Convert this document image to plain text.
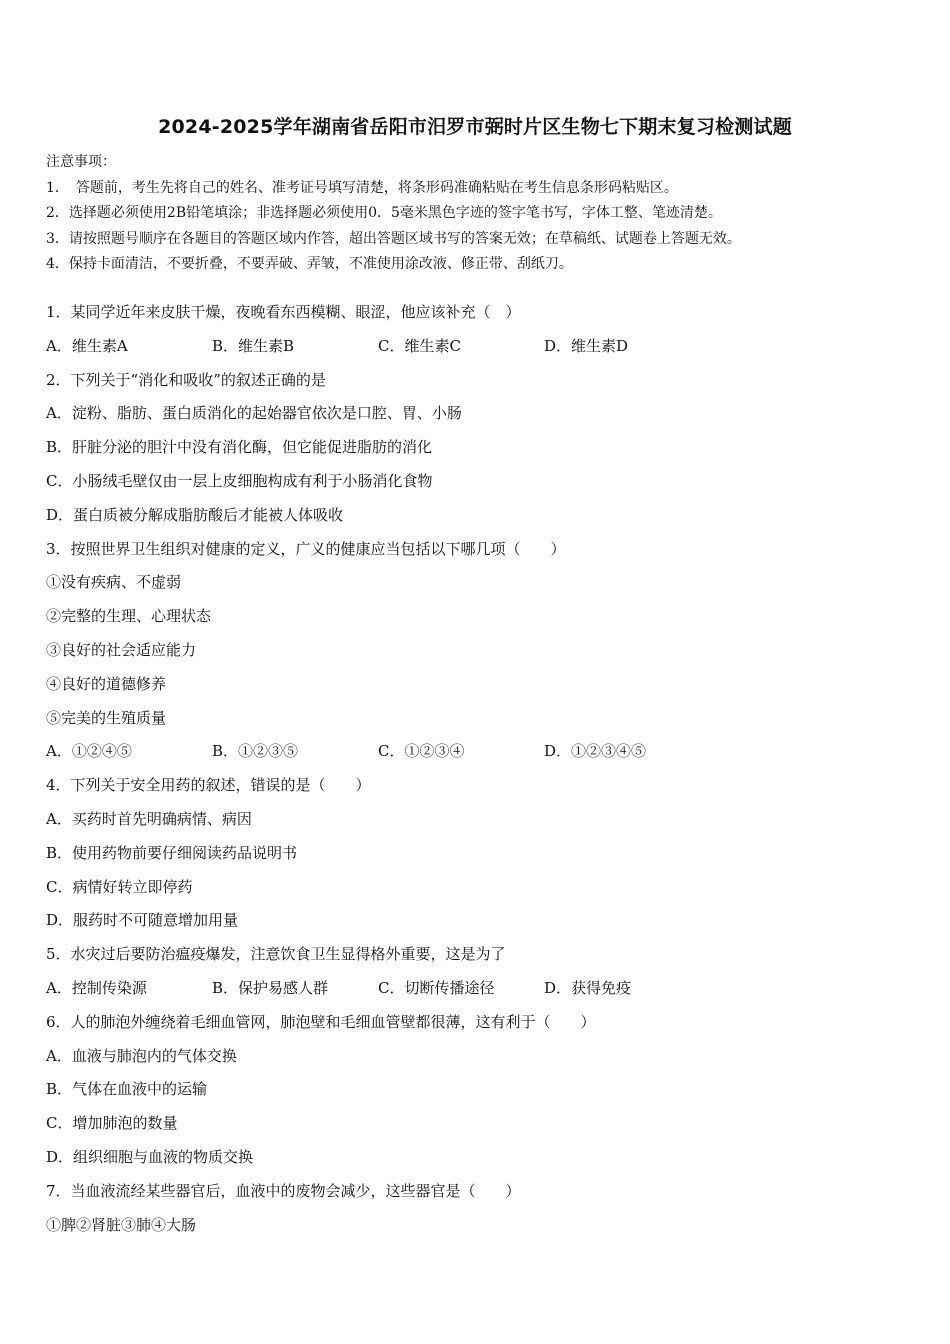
2024-2025学年湖南省岳阳市汨罗市弼时片区生物七下期末复习检测试题
注意事项：
1．　答题前，考生先将自己的姓名、准考证号填写清楚，将条形码准确粘贴在考生信息条形码粘贴区。
2．选择题必须使用2B铅笔填涂；非选择题必须使用0．5毫米黑色字迹的签字笔书写，字体工整、笔迹清楚。
3．请按照题号顺序在各题目的答题区域内作答，超出答题区域书写的答案无效；在草稿纸、试题卷上答题无效。
4．保持卡面清洁，不要折叠，不要弄破、弄皱，不准使用涂改液、修正带、刮纸刀。
1．某同学近年来皮肤干燥，夜晚看东西模糊、眼涩，他应该补充（　）
A．维生素A	B．维生素B	C．维生素C	D．维生素D
2．下列关于“消化和吸收”的叙述正确的是
A．淀粉、脂肪、蛋白质消化的起始器官依次是口腔、胃、小肠
B．肝脏分泌的胆汁中没有消化酶，但它能促进脂肪的消化
C．小肠绒毛壁仅由一层上皮细胞构成有利于小肠消化食物
D．蛋白质被分解成脂肪酸后才能被人体吸收
3．按照世界卫生组织对健康的定义，广义的健康应当包括以下哪几项（　　）
①没有疾病、不虚弱
②完整的生理、心理状态
③良好的社会适应能力
④良好的道德修养
⑤完美的生殖质量
A．①②④⑤	B．①②③⑤	C．①②③④	D．①②③④⑤
4．下列关于安全用药的叙述，错误的是（　　）
A．买药时首先明确病情、病因
B．使用药物前要仔细阅读药品说明书
C．病情好转立即停药
D．服药时不可随意增加用量
5．水灾过后要防治瘟疫爆发，注意饮食卫生显得格外重要，这是为了
A．控制传染源	B．保护易感人群	C．切断传播途径	D．获得免疫
6．人的肺泡外缠绕着毛细血管网，肺泡壁和毛细血管壁都很薄，这有利于（　　）
A．血液与肺泡内的气体交换
B．气体在血液中的运输
C．增加肺泡的数量
D．组织细胞与血液的物质交换
7．当血液流经某些器官后，血液中的废物会减少，这些器官是（　　）
①脾②肾脏③肺④大肠
